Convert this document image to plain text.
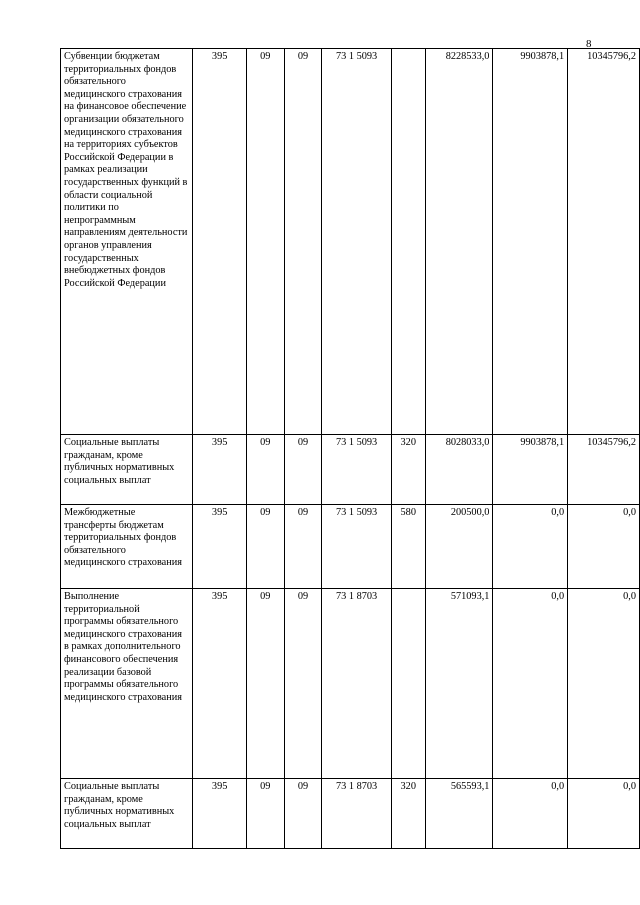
8
Субвенции бюджетам территориальных фондов обязательного медицинского страхования на финансовое обеспечение организации обязательного медицинского страхования на территориях субъектов Российской Федерации в рамках реализации государственных функций в области социальной политики по непрограммным направлениям деятельности органов управления государственных внебюджетных фондов Российской Федерации	395	09	09	73 1 5093		8228533,0	9903878,1	10345796,2
Социальные выплаты гражданам, кроме публичных нормативных социальных выплат	395	09	09	73 1 5093	320	8028033,0	9903878,1	10345796,2
Межбюджетные трансферты бюджетам территориальных фондов обязательного медицинского страхования	395	09	09	73 1 5093	580	200500,0	0,0	0,0
Выполнение территориальной программы обязательного медицинского страхования в рамках дополнительного финансового обеспечения реализации базовой программы обязательного медицинского страхования	395	09	09	73 1 8703		571093,1	0,0	0,0
Социальные выплаты гражданам, кроме публичных нормативных социальных выплат	395	09	09	73 1 8703	320	565593,1	0,0	0,0
